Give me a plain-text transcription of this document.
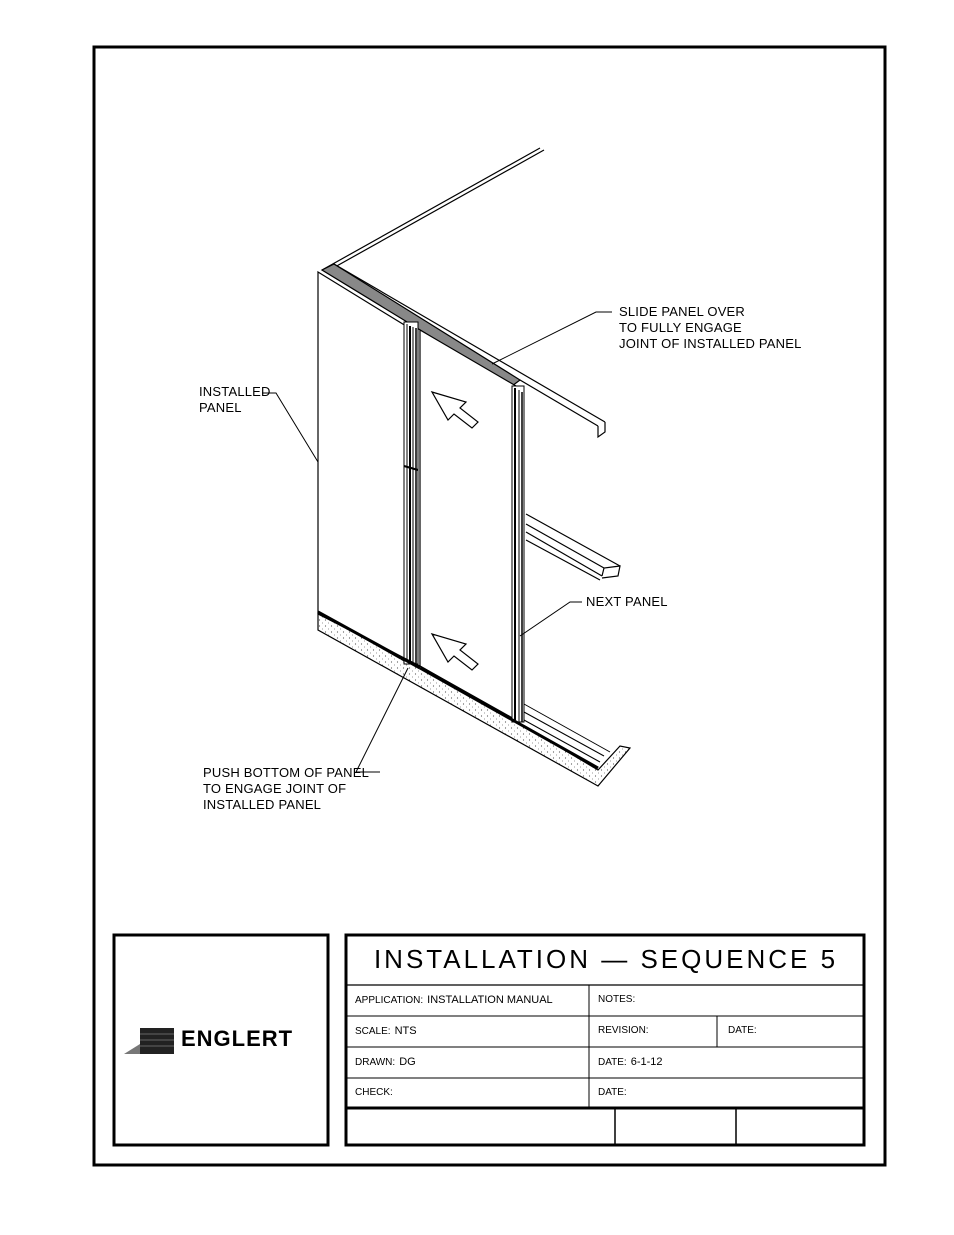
INSTALLED
PANEL
SLIDE PANEL OVER
TO FULLY ENGAGE
JOINT OF INSTALLED PANEL
NEXT PANEL
PUSH BOTTOM OF PANEL
TO ENGAGE JOINT OF
INSTALLED PANEL
INSTALLATION — SEQUENCE 5
ENGLERT
APPLICATION: INSTALLATION MANUAL	NOTES:
SCALE: NTS	REVISION:	DATE:
DRAWN: DG	DATE: 6-1-12
CHECK:	DATE:
